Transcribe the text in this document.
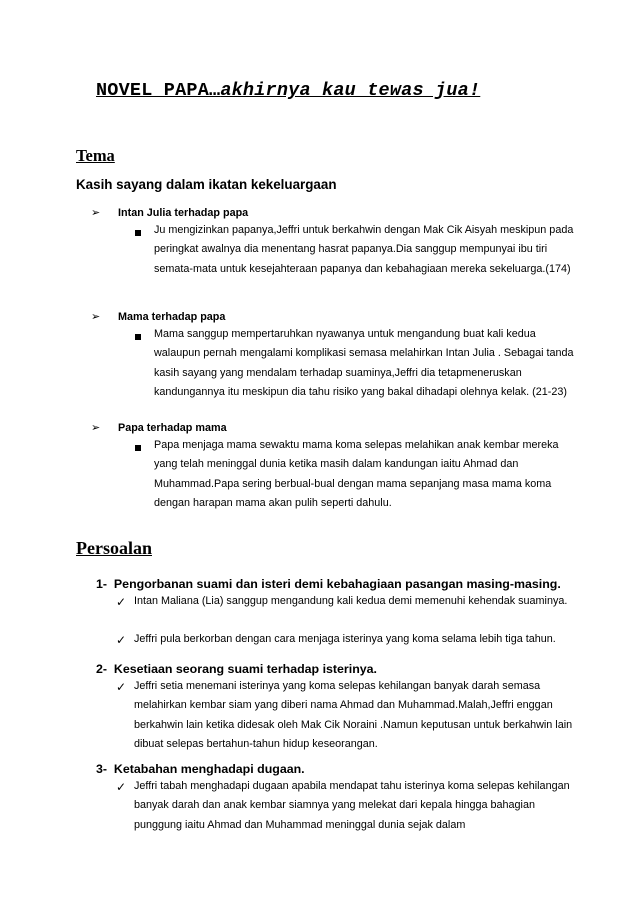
NOVEL PAPA…akhirnya kau tewas jua!
Tema
Kasih sayang dalam ikatan kekeluargaan
➢ Intan Julia terhadap papa
Ju mengizinkan papanya,Jeffri untuk berkahwin dengan Mak Cik Aisyah meskipun pada peringkat awalnya dia menentang hasrat papanya.Dia sanggup mempunyai ibu tiri semata-mata untuk kesejahteraan papanya dan kebahagiaan mereka sekeluarga.(174)
➢ Mama terhadap papa
Mama sanggup mempertaruhkan nyawanya untuk mengandung buat kali kedua walaupun pernah mengalami komplikasi semasa melahirkan Intan Julia . Sebagai tanda kasih sayang yang mendalam terhadap suaminya,Jeffri dia tetapmeneruskan kandungannya itu meskipun dia tahu risiko yang bakal dihadapi olehnya kelak. (21-23)
➢ Papa terhadap mama
Papa menjaga mama sewaktu mama koma selepas melahikan anak kembar mereka yang telah meninggal dunia ketika masih dalam kandungan iaitu Ahmad dan Muhammad.Papa sering berbual-bual dengan mama sepanjang masa mama koma dengan harapan mama akan pulih seperti dahulu.
Persoalan
1- Pengorbanan suami dan isteri demi kebahagiaan pasangan masing-masing.
✓ Intan Maliana (Lia) sanggup mengandung kali kedua demi memenuhi kehendak suaminya.
✓ Jeffri pula berkorban dengan cara menjaga isterinya yang koma selama lebih tiga tahun.
2- Kesetiaan seorang suami terhadap isterinya.
✓ Jeffri setia menemani isterinya yang koma selepas kehilangan banyak darah semasa melahirkan kembar siam yang diberi nama Ahmad dan Muhammad.Malah,Jeffri enggan berkahwin lain ketika didesak oleh Mak Cik Noraini .Namun keputusan untuk berkahwin lain dibuat selepas bertahun-tahun hidup keseorangan.
3- Ketabahan menghadapi dugaan.
✓ Jeffri tabah menghadapi dugaan apabila mendapat tahu isterinya koma selepas kehilangan banyak darah dan anak kembar siamnya yang melekat dari kepala hingga bahagian punggung iaitu Ahmad dan Muhammad meninggal dunia sejak dalam
